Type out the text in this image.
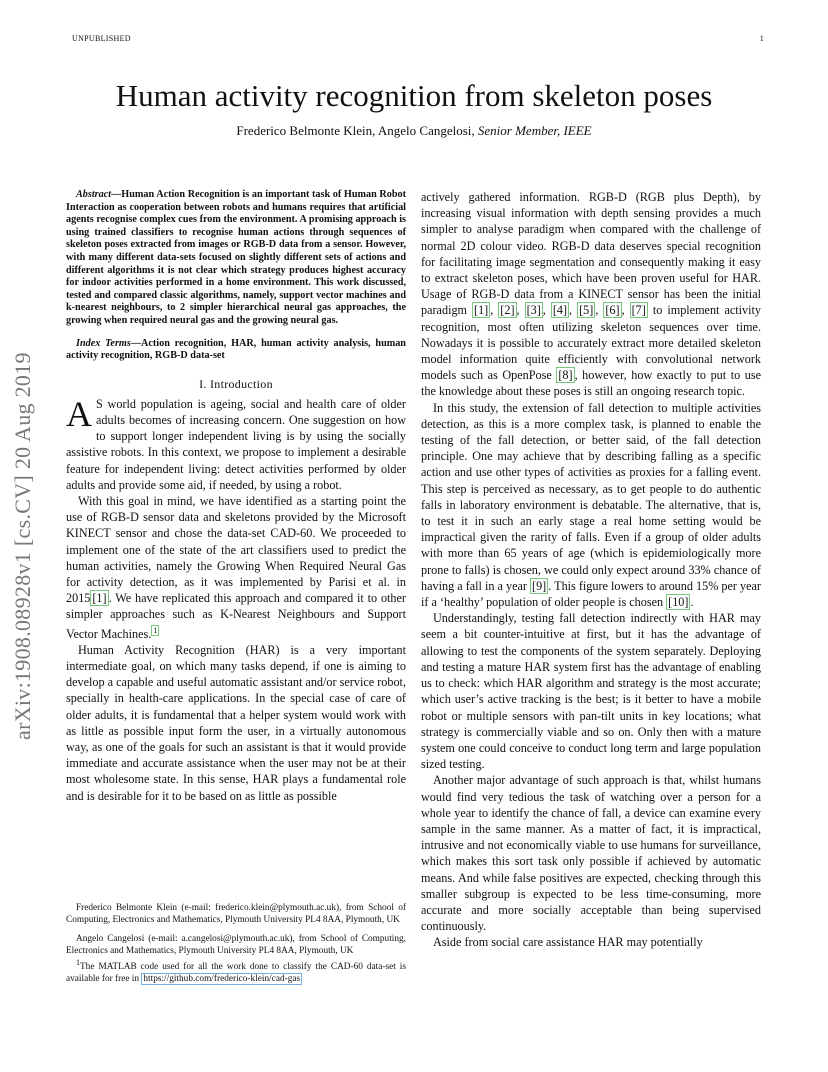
UNPUBLISHED	1
Human activity recognition from skeleton poses
Frederico Belmonte Klein, Angelo Cangelosi, Senior Member, IEEE
arXiv:1908.08928v1 [cs.CV] 20 Aug 2019

Abstract—Human Action Recognition is an important task of Human Robot Interaction as cooperation between robots and humans requires that artificial agents recognise complex cues from the environment. A promising approach is using trained classifiers to recognise human actions through sequences of skeleton poses extracted from images or RGB-D data from a sensor. However, with many different data-sets focused on slightly different sets of actions and different algorithms it is not clear which strategy produces highest accuracy for indoor activities performed in a home environment. This work discussed, tested and compared classic algorithms, namely, support vector machines and k-nearest neighbours, to 2 simpler hierarchical neural gas approaches, the growing when required neural gas and the growing neural gas.

Index Terms—Action recognition, HAR, human activity analysis, human activity recognition, RGB-D data-set

I. Introduction

A S world population is ageing, social and health care of older adults becomes of increasing concern. One suggestion on how to support longer independent living is by using the socially assistive robots. In this context, we propose to implement a desirable feature for independent living: detect activities performed by older adults and provide some aid, if needed, by using a robot.

With this goal in mind, we have identified as a starting point the use of RGB-D sensor data and skeletons provided by the Microsoft KINECT sensor and chose the data-set CAD-60. We proceeded to implement one of the state of the art classifiers used to predict the human activities, namely the Growing When Required Neural Gas for activity detection, as it was implemented by Parisi et al. in 2015 [1] . We have replicated this approach and compared it to other simpler approaches such as K-Nearest Neighbours and Support Vector Machines. $^1$

Human Activity Recognition (HAR) is a very important intermediate goal, on which many tasks depend, if one is aiming to develop a capable and useful automatic assistant and/or service robot, specially in health-care applications. In the special case of care of older adults, it is fundamental that a helper system would work with as little as possible input form the user, in a virtually autonomous way, as one of the goals for such an assistant is that it would provide immediate and accurate assistance when the user may not be at their most wholesome state. In this sense, HAR plays a fundamental role and is desirable for it to be based on as little as possible

Frederico Belmonte Klein (e-mail: frederico.klein@plymouth.ac.uk), from School of Computing, Electronics and Mathematics, Plymouth University PL4 8AA, Plymouth, UK

Angelo Cangelosi (e-mail: a.cangelosi@plymouth.ac.uk), from School of Computing, Electronics and Mathematics, Plymouth University PL4 8AA, Plymouth, UK

1The MATLAB code used for all the work done to classify the CAD-60 data-set is available for free in https://github.com/frederico-klein/cad-gas

actively gathered information. RGB-D (RGB plus Depth), by increasing visual information with depth sensing provides a much simpler to analyse paradigm when compared with the challenge of normal 2D colour video. RGB-D data deserves special recognition for facilitating image segmentation and consequently making it easy to extract skeleton poses, which have been proven useful for HAR. Usage of RGB-D data from a KINECT sensor has been the initial paradigm [1] , [2] , [3] , [4] , [5] , [6] , [7] to implement activity recognition, most often utilizing skeleton sequences over time. Nowadays it is possible to accurately extract more detailed skeleton model information quite efficiently with convolutional network models such as OpenPose [8] , however, how exactly to put to use the knowledge about these poses is still an ongoing research topic.

In this study, the extension of fall detection to multiple activities detection, as this is a more complex task, is planned to enable the testing of the fall detection, or better said, of the fall detection principle. One may achieve that by describing falling as a specific action and use other types of activities as proxies for a falling event. This step is perceived as necessary, as to get people to do authentic falls in laboratory environment is debatable. The alternative, that is, to test it in such an early stage a real home setting would be impractical given the rarity of falls. Even if a group of older adults with more than 65 years of age (which is epidemiologically more prone to falls) is chosen, we could only expect around 33% chance of having a fall in a year [9] . This figure lowers to around 15% per year if a ‘healthy’ population of older people is chosen [10] .

Understandingly, testing fall detection indirectly with HAR may seem a bit counter-intuitive at first, but it has the advantage of allowing to test the components of the system separately. Deploying and testing a mature HAR system first has the advantage of enabling us to check: which HAR algorithm and strategy is the most accurate; which user’s active tracking is the best; is it better to have a mobile robot or multiple sensors with pan-tilt units in key locations; what strategy is commercially viable and so on. Only then with a mature system one could conceive to conduct long term and large population sized testing.

Another major advantage of such approach is that, whilst humans would find very tedious the task of watching over a person for a whole year to identify the chance of fall, a device can examine every sample in the same manner. As a matter of fact, it is impractical, intrusive and not economically viable to use humans for surveillance, which makes this sort task only possible if achieved by automatic means. And while false positives are expected, checking through this smaller subgroup is expected to be less time-consuming, more accurate and more socially acceptable than being supervised continuously.

Aside from social care assistance HAR may potentially
